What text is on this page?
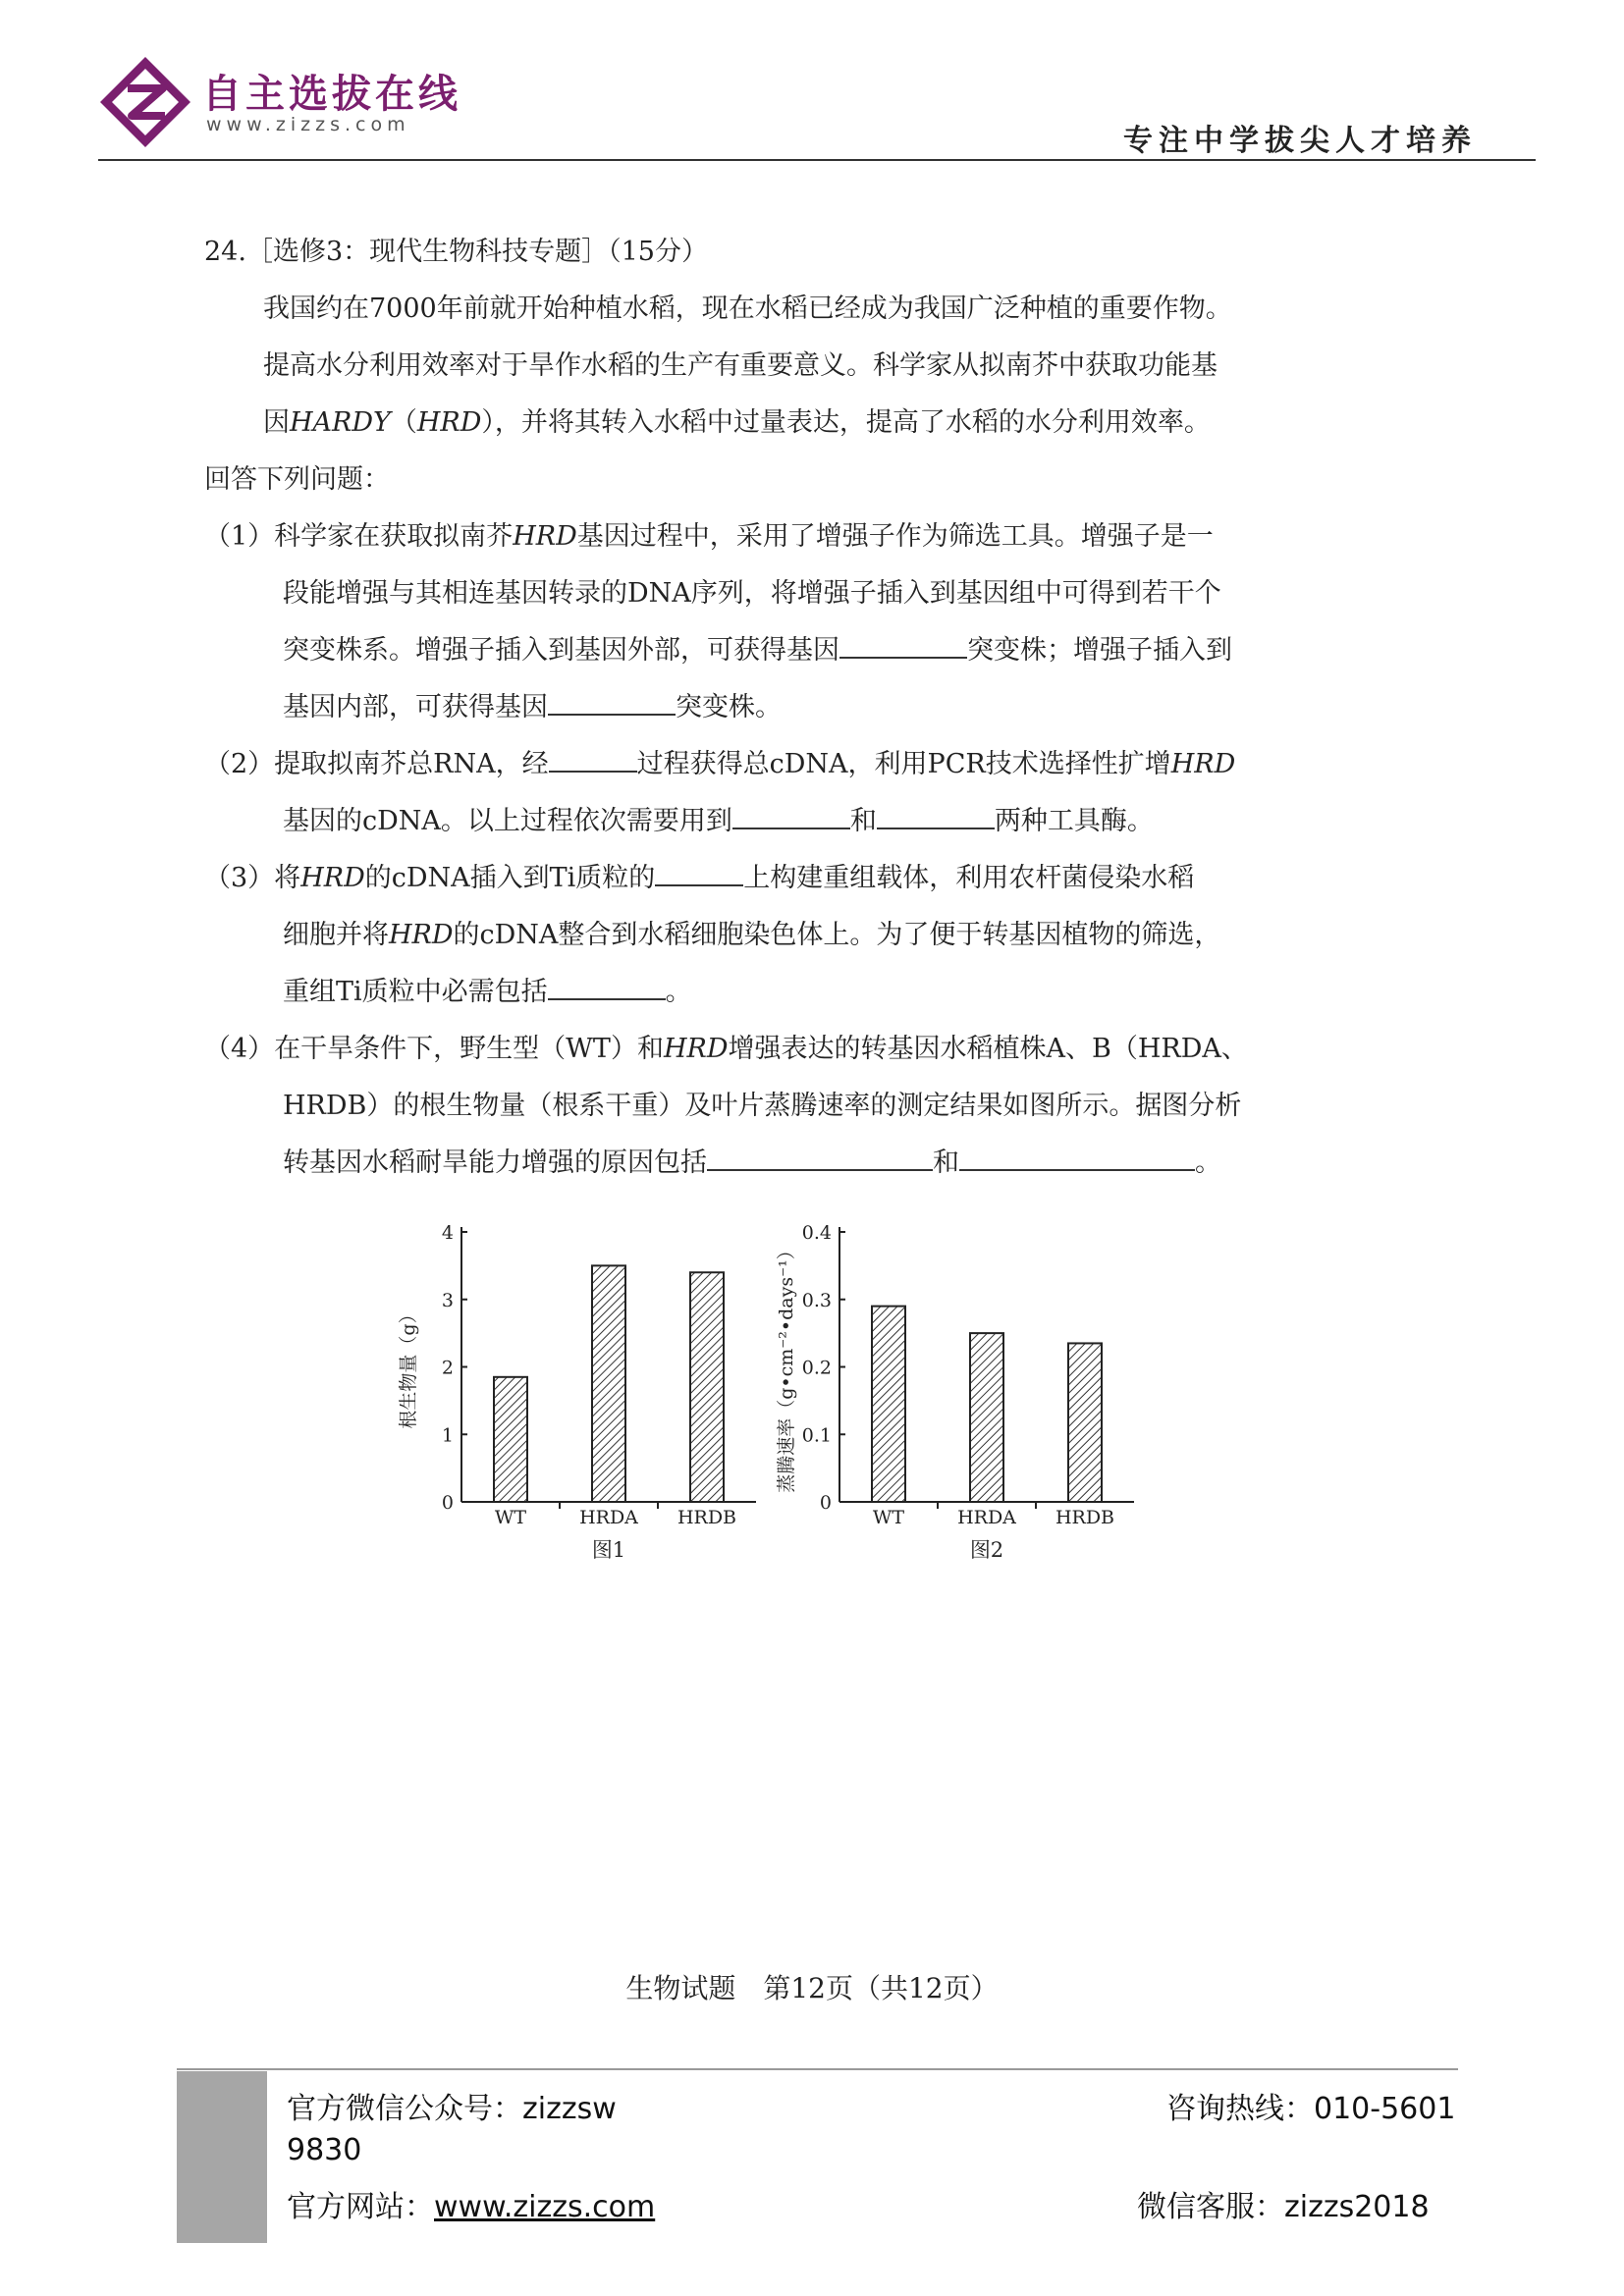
自主选拔在线
www.zizzs.com	专注中学拔尖人才培养
24.［选修3：现代生物科技专题］（15分）
我国约在7000年前就开始种植水稻，现在水稻已经成为我国广泛种植的重要作物。
提高水分利用效率对于旱作水稻的生产有重要意义。科学家从拟南芥中获取功能基
因HARDY（HRD），并将其转入水稻中过量表达，提高了水稻的水分利用效率。
回答下列问题：
（1）科学家在获取拟南芥HRD基因过程中，采用了增强子作为筛选工具。增强子是一
段能增强与其相连基因转录的DNA序列，将增强子插入到基因组中可得到若干个
突变株系。增强子插入到基因外部，可获得基因	突变株；增强子插入到
基因内部，可获得基因	突变株。
（2）提取拟南芥总RNA，经	过程获得总cDNA，利用PCR技术选择性扩增HRD
基因的cDNA。以上过程依次需要用到	和	两种工具酶。
（3）将HRD的cDNA插入到Ti质粒的	上构建重组载体，利用农杆菌侵染水稻
细胞并将HRD的cDNA整合到水稻细胞染色体上。为了便于转基因植物的筛选，
重组Ti质粒中必需包括	。
（4）在干旱条件下，野生型（WT）和HRD增强表达的转基因水稻植株A、B（HRDA、
HRDB）的根生物量（根系干重）及叶片蒸腾速率的测定结果如图所示。据图分析
转基因水稻耐旱能力增强的原因包括	和	。
0
1
2
3
4
WT	HRDA HRDB
根生物量（g）
图1
0
0.1
0.2
0.3
0.4
WT	HRDA HRDB
蒸腾速率（g•cm⁻²•days⁻¹）
图2
生物试题　第12页（共12页）
官方微信公众号：zizzsw	咨询热线：010-5601
9830
官方网站：www.zizzs.com	微信客服：zizzs2018
